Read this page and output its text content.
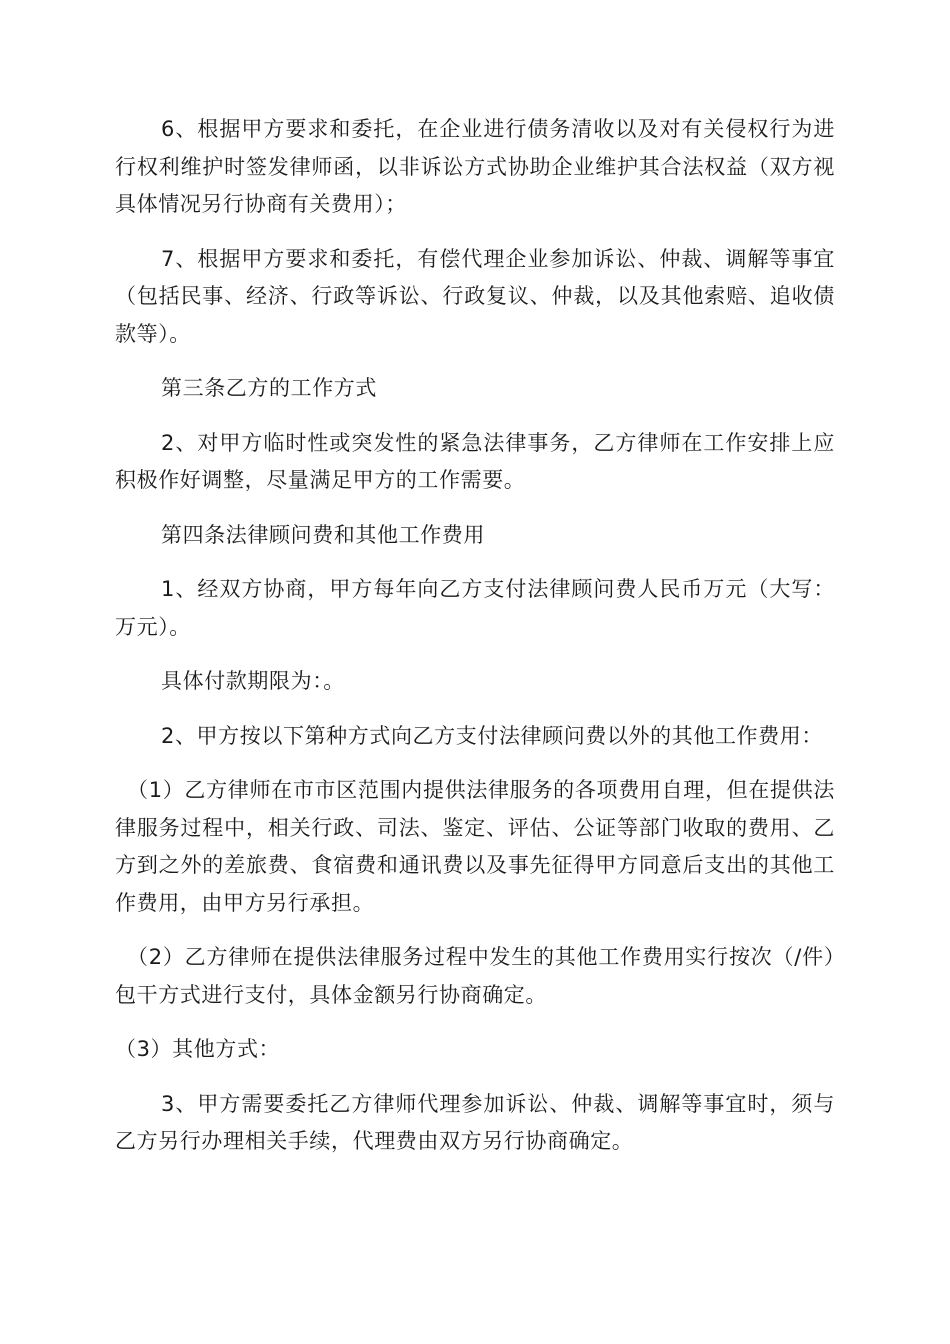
6、根据甲方要求和委托，在企业进行债务清收以及对有关侵权行为进行权利维护时签发律师函，以非诉讼方式协助企业维护其合法权益（双方视具体情况另行协商有关费用）；

7、根据甲方要求和委托，有偿代理企业参加诉讼、仲裁、调解等事宜（包括民事、经济、行政等诉讼、行政复议、仲裁，以及其他索赔、追收债款等）。

第三条乙方的工作方式

2、对甲方临时性或突发性的紧急法律事务，乙方律师在工作安排上应积极作好调整，尽量满足甲方的工作需要。

第四条法律顾问费和其他工作费用

1、经双方协商，甲方每年向乙方支付法律顾问费人民币万元（大写：万元）。

具体付款期限为：。

2、甲方按以下第种方式向乙方支付法律顾问费以外的其他工作费用：

（1）乙方律师在市市区范围内提供法律服务的各项费用自理，但在提供法律服务过程中，相关行政、司法、鉴定、评估、公证等部门收取的费用、乙方到之外的差旅费、食宿费和通讯费以及事先征得甲方同意后支出的其他工作费用，由甲方另行承担。

（2）乙方律师在提供法律服务过程中发生的其他工作费用实行按次（/件）包干方式进行支付，具体金额另行协商确定。

（3）其他方式：

3、甲方需要委托乙方律师代理参加诉讼、仲裁、调解等事宜时，须与乙方另行办理相关手续，代理费由双方另行协商确定。
